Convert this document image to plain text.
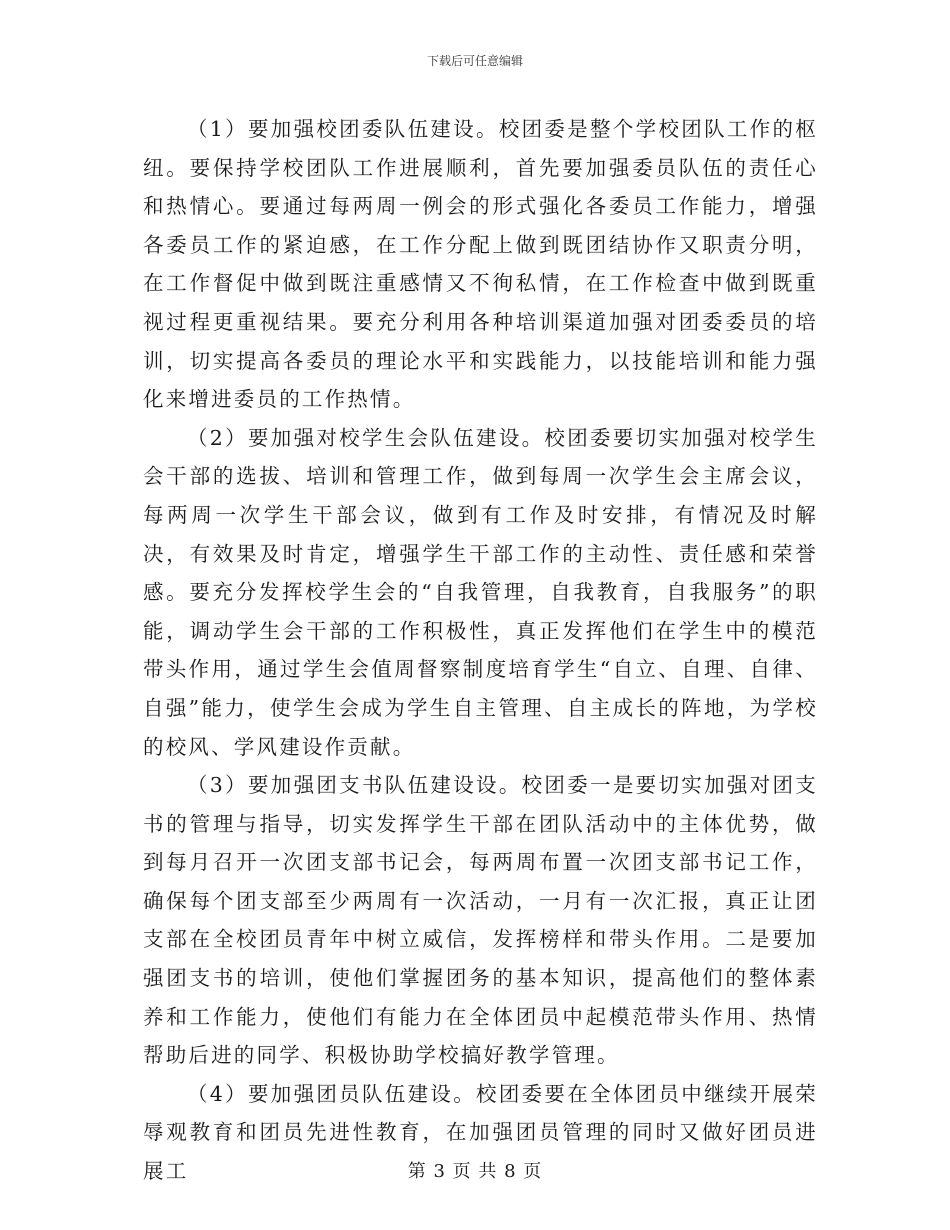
下载后可任意编辑

（1）要加强校团委队伍建设。校团委是整个学校团队工作的枢纽。要保持学校团队工作进展顺利，首先要加强委员队伍的责任心和热情心。要通过每两周一例会的形式强化各委员工作能力，增强各委员工作的紧迫感，在工作分配上做到既团结协作又职责分明，在工作督促中做到既注重感情又不徇私情，在工作检查中做到既重视过程更重视结果。要充分利用各种培训渠道加强对团委委员的培训，切实提高各委员的理论水平和实践能力，以技能培训和能力强化来增进委员的工作热情。

（2）要加强对校学生会队伍建设。校团委要切实加强对校学生会干部的选拔、培训和管理工作，做到每周一次学生会主席会议，每两周一次学生干部会议，做到有工作及时安排，有情况及时解决，有效果及时肯定，增强学生干部工作的主动性、责任感和荣誉感。要充分发挥校学生会的“自我管理，自我教育，自我服务”的职能，调动学生会干部的工作积极性，真正发挥他们在学生中的模范带头作用，通过学生会值周督察制度培育学生“自立、自理、自律、自强”能力，使学生会成为学生自主管理、自主成长的阵地，为学校的校风、学风建设作贡献。

（3）要加强团支书队伍建设设。校团委一是要切实加强对团支书的管理与指导，切实发挥学生干部在团队活动中的主体优势，做到每月召开一次团支部书记会，每两周布置一次团支部书记工作，确保每个团支部至少两周有一次活动，一月有一次汇报，真正让团支部在全校团员青年中树立威信，发挥榜样和带头作用。二是要加强团支书的培训，使他们掌握团务的基本知识，提高他们的整体素养和工作能力，使他们有能力在全体团员中起模范带头作用、热情帮助后进的同学、积极协助学校搞好教学管理。

（4）要加强团员队伍建设。校团委要在全体团员中继续开展荣辱观教育和团员先进性教育，在加强团员管理的同时又做好团员进展工	第 3 页 共 8 页
